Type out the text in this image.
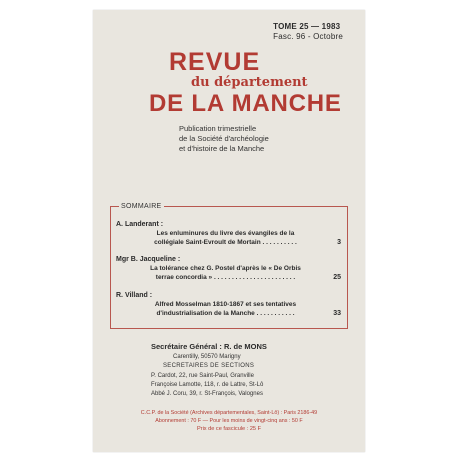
TOME 25 — 1983
Fasc. 96 - Octobre
REVUE
du département
DE LA MANCHE
Publication trimestrielle
de la Société d'archéologie
et d'histoire de la Manche
SOMMAIRE
A. Landerant :
Les enluminures du livre des évangiles de la
collégiale Saint-Evroult de Mortain . . . . . . . . . .	3
Mgr B. Jacqueline :
La tolérance chez G. Postel d'après le « De Orbis
terrae concordia » . . . . . . . . . . . . . . . . . . . . . . .	25
R. Villand :
Alfred Mosselman 1810-1867 et ses tentatives
d'industrialisation de la Manche . . . . . . . . . . .	33
Secrétaire Général : R. de MONS
Carentilly, 50570 Marigny
SECRETAIRES DE SECTIONS
P. Cardot, 22, rue Saint-Paul, Granville
Françoise Lamotte, 118, r. de Lattre, St-Lô
Abbé J. Coru, 39, r. St-François, Valognes
C.C.P. de la Société (Archives départementales, Saint-Lô) : Paris 2186-49
Abonnement : 70 F — Pour les moins de vingt-cinq ans : 50 F
Prix de ce fascicule : 25 F
